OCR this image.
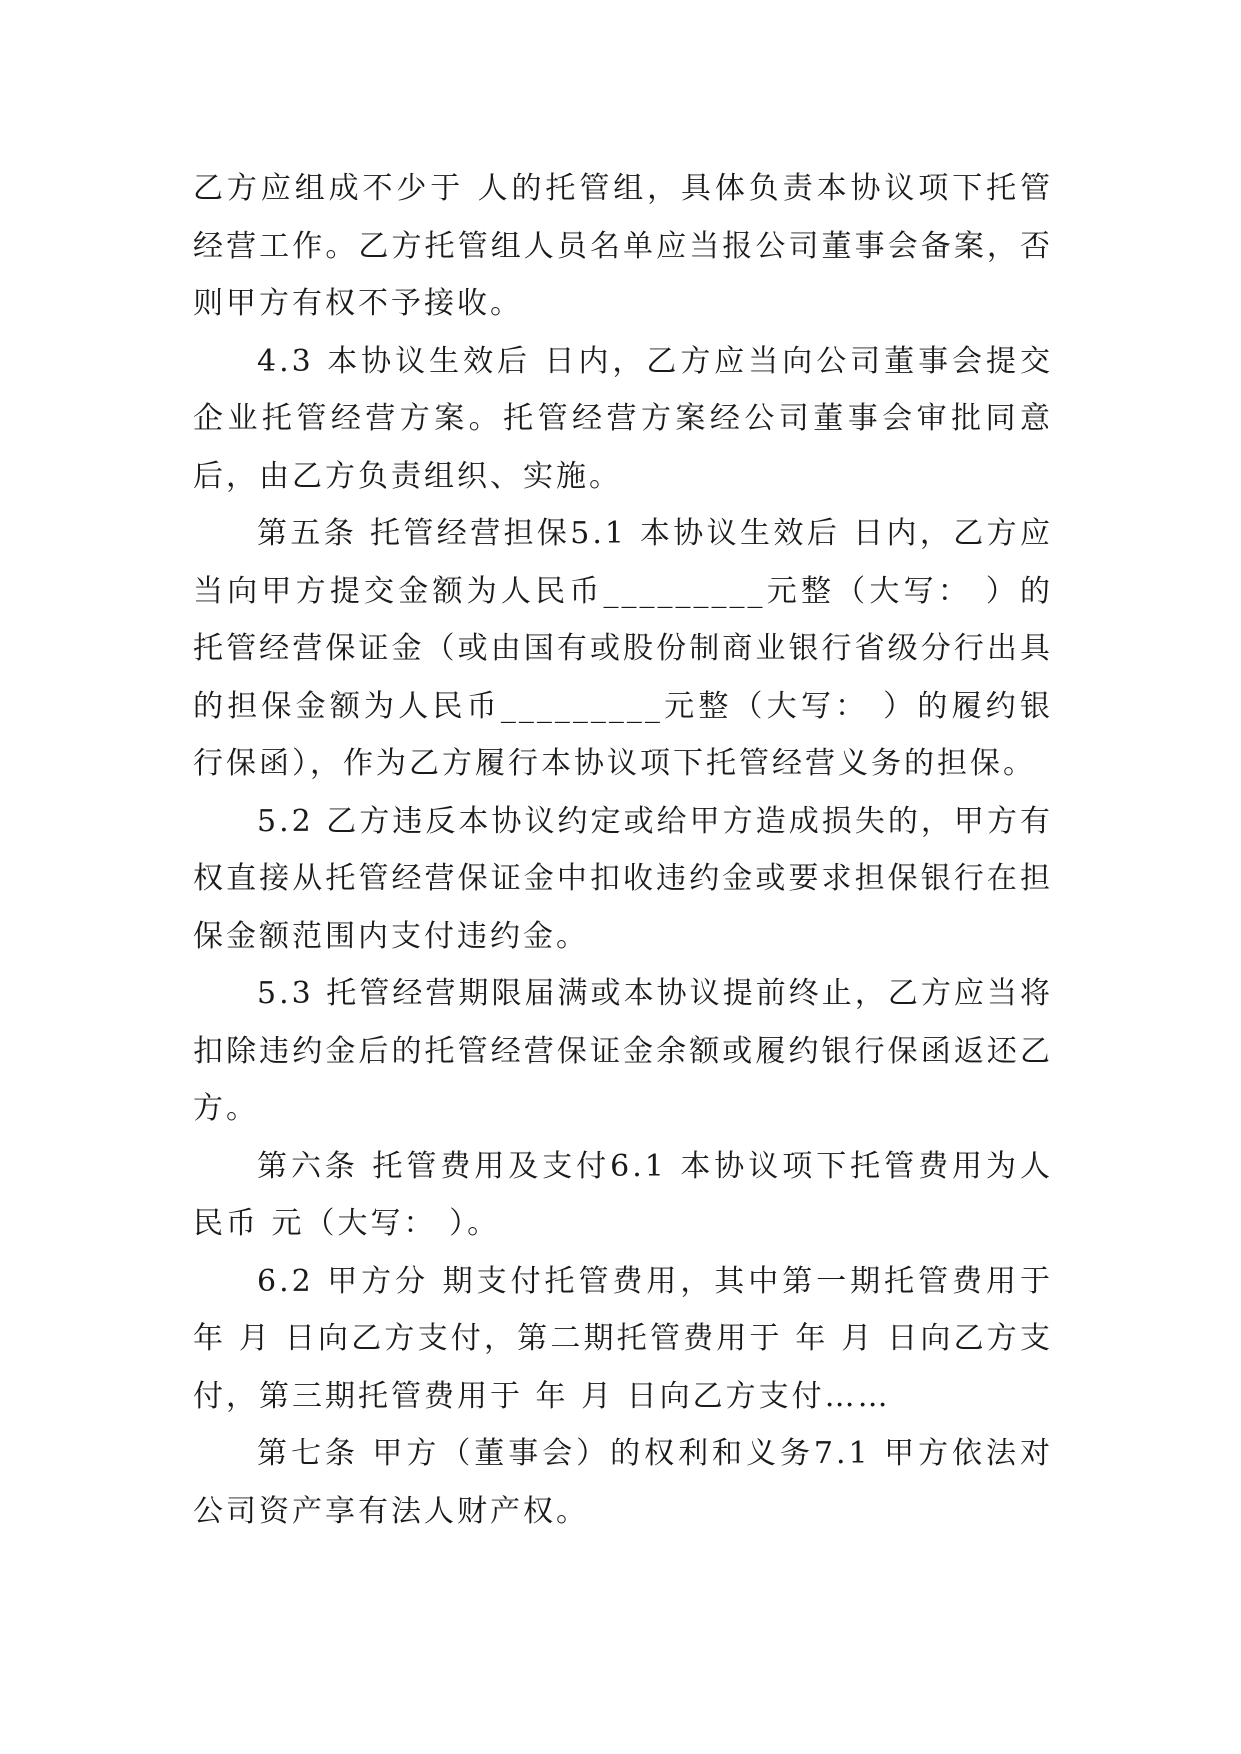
乙方应组成不少于 人的托管组，具体负责本协议项下托管经营工作。乙方托管组人员名单应当报公司董事会备案，否则甲方有权不予接收。

4.3 本协议生效后 日内，乙方应当向公司董事会提交企业托管经营方案。托管经营方案经公司董事会审批同意后，由乙方负责组织、实施。

第五条 托管经营担保5.1 本协议生效后 日内，乙方应当向甲方提交金额为人民币_________元整（大写： ）的托管经营保证金（或由国有或股份制商业银行省级分行出具的担保金额为人民币_________元整（大写： ）的履约银行保函），作为乙方履行本协议项下托管经营义务的担保。

5.2 乙方违反本协议约定或给甲方造成损失的，甲方有权直接从托管经营保证金中扣收违约金或要求担保银行在担保金额范围内支付违约金。

5.3 托管经营期限届满或本协议提前终止，乙方应当将扣除违约金后的托管经营保证金余额或履约银行保函返还乙方。

第六条 托管费用及支付6.1 本协议项下托管费用为人民币 元（大写： ）。

6.2 甲方分 期支付托管费用，其中第一期托管费用于 年 月 日向乙方支付，第二期托管费用于 年 月 日向乙方支付，第三期托管费用于 年 月 日向乙方支付……

第七条 甲方（董事会）的权利和义务7.1 甲方依法对公司资产享有法人财产权。
